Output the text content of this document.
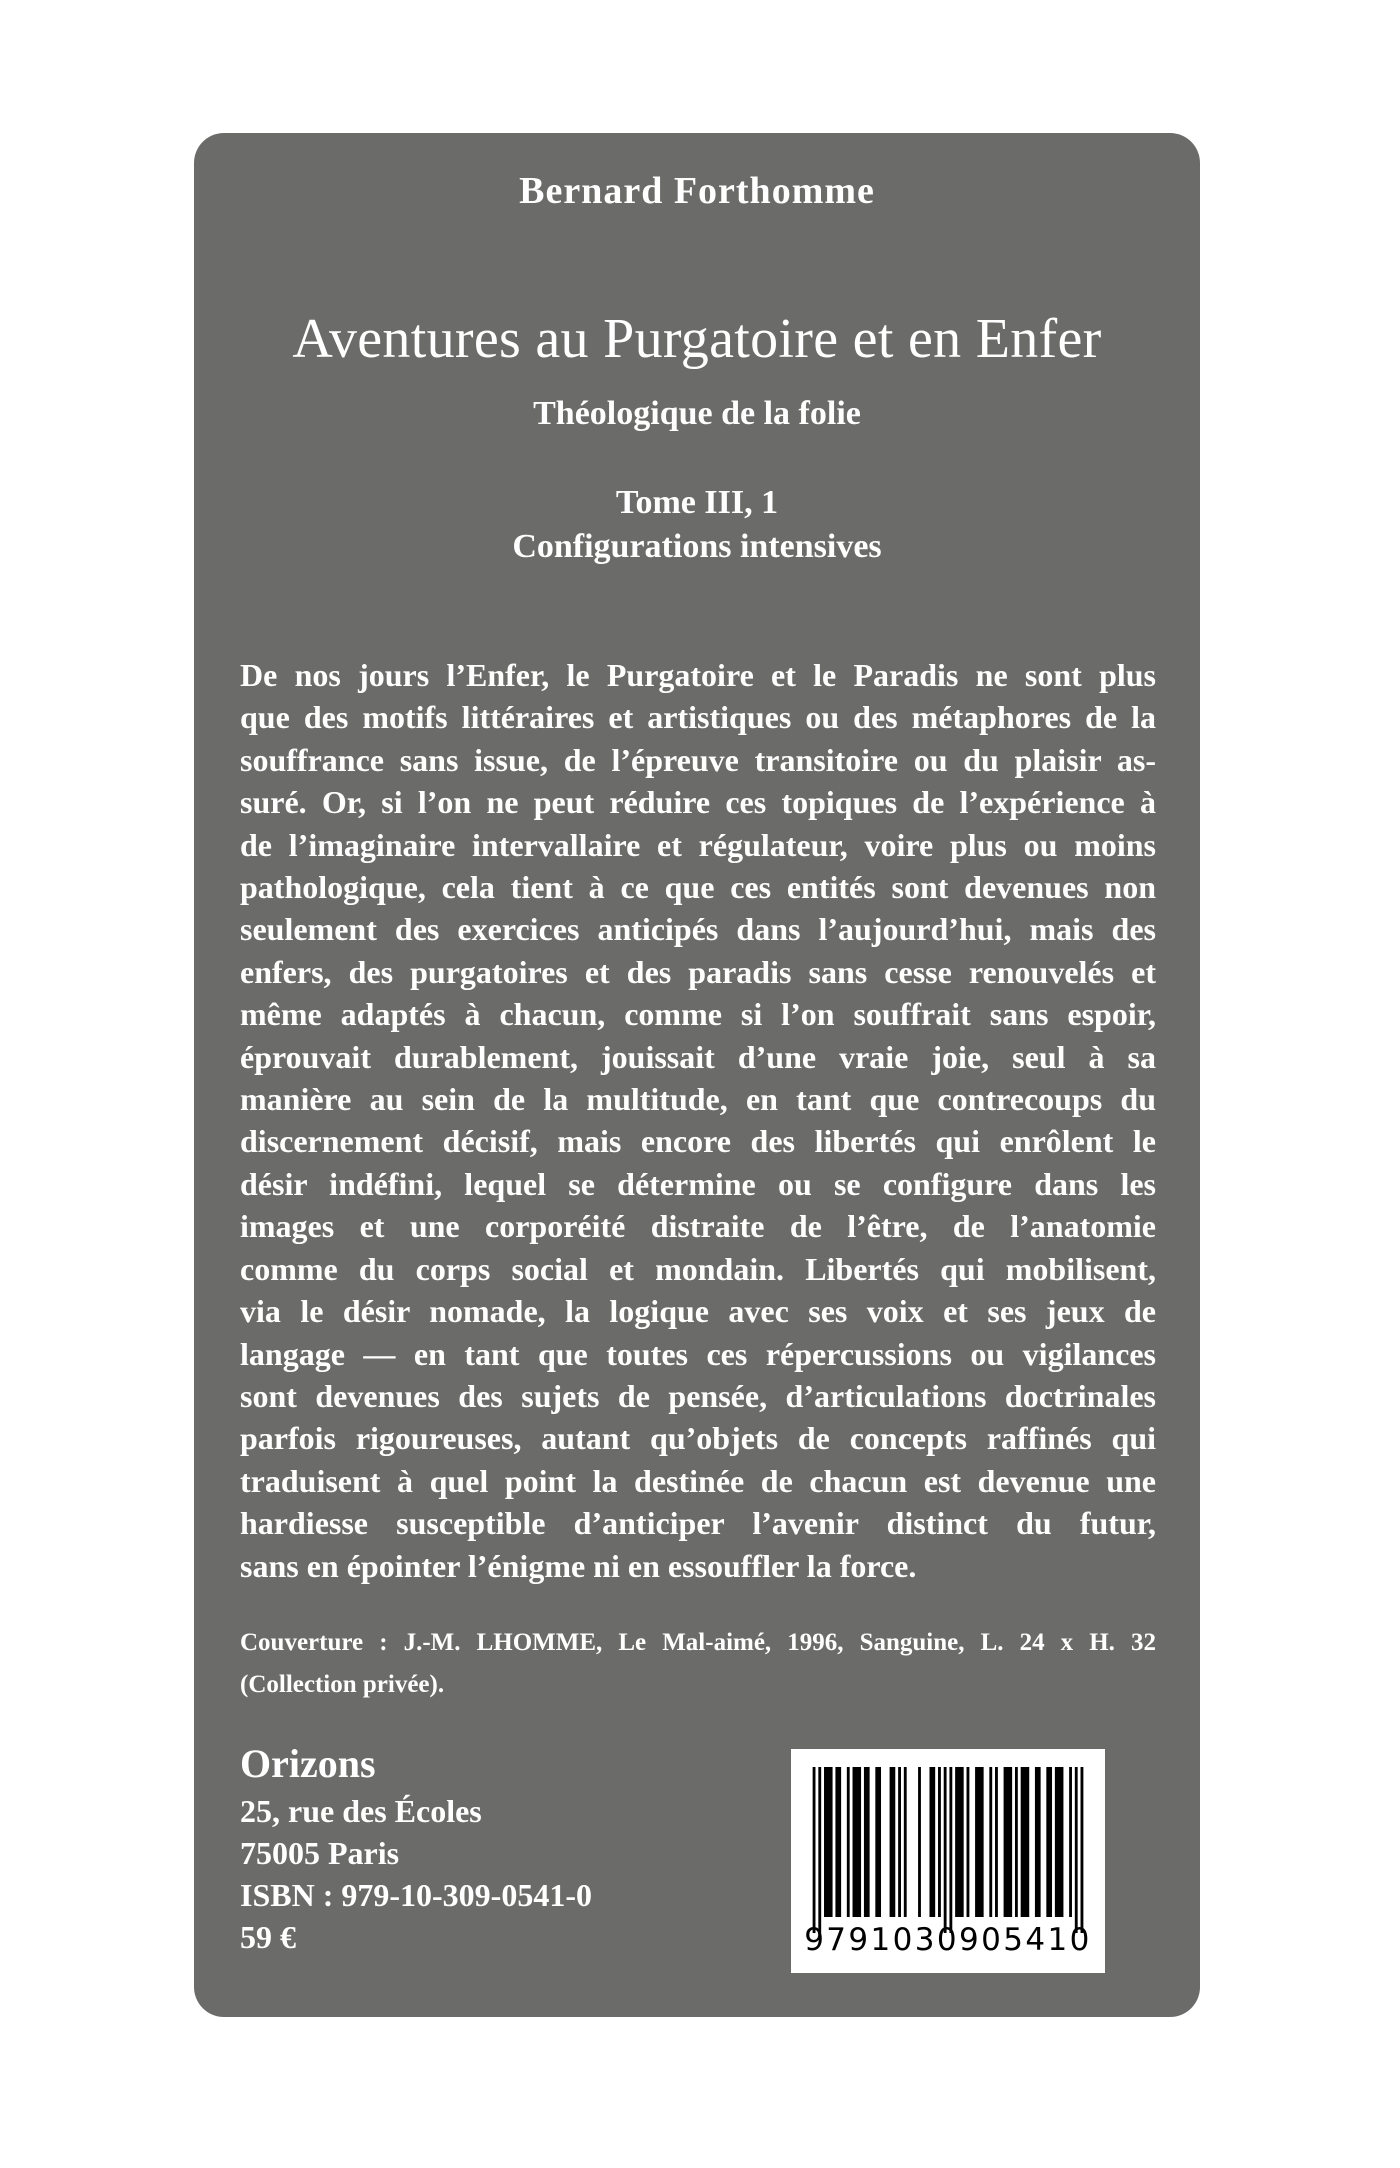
Bernard Forthomme
Aventures au Purgatoire et en Enfer
Théologique de la folie
Tome III, 1
Configurations intensives
De nos jours l’Enfer, le Purgatoire et le Paradis ne sont plus
que des motifs littéraires et artistiques ou des métaphores de la
souffrance sans issue, de l’épreuve transitoire ou du plaisir as-
suré. Or, si l’on ne peut réduire ces topiques de l’expérience à
de l’imaginaire intervallaire et régulateur, voire plus ou moins
pathologique, cela tient à ce que ces entités sont devenues non
seulement des exercices anticipés dans l’aujourd’hui, mais des
enfers, des purgatoires et des paradis sans cesse renouvelés et
même adaptés à chacun, comme si l’on souffrait sans espoir,
éprouvait durablement, jouissait d’une vraie joie, seul à sa
manière au sein de la multitude, en tant que contrecoups du
discernement décisif, mais encore des libertés qui enrôlent le
désir indéfini, lequel se détermine ou se configure dans les
images et une corporéité distraite de l’être, de l’anatomie
comme du corps social et mondain. Libertés qui mobilisent,
via le désir nomade, la logique avec ses voix et ses jeux de
langage — en tant que toutes ces répercussions ou vigilances
sont devenues des sujets de pensée, d’articulations doctrinales
parfois rigoureuses, autant qu’objets de concepts raffinés qui
traduisent à quel point la destinée de chacun est devenue une
hardiesse susceptible d’anticiper l’avenir distinct du futur,
sans en épointer l’énigme ni en essouffler la force.
Couverture : J.-M. LHOMME, Le Mal-aimé, 1996, Sanguine, L. 24 x H. 32
(Collection privée).
Orizons
25, rue des Écoles
75005 Paris
ISBN : 979-10-309-0541-0
59 €	9791030905410
